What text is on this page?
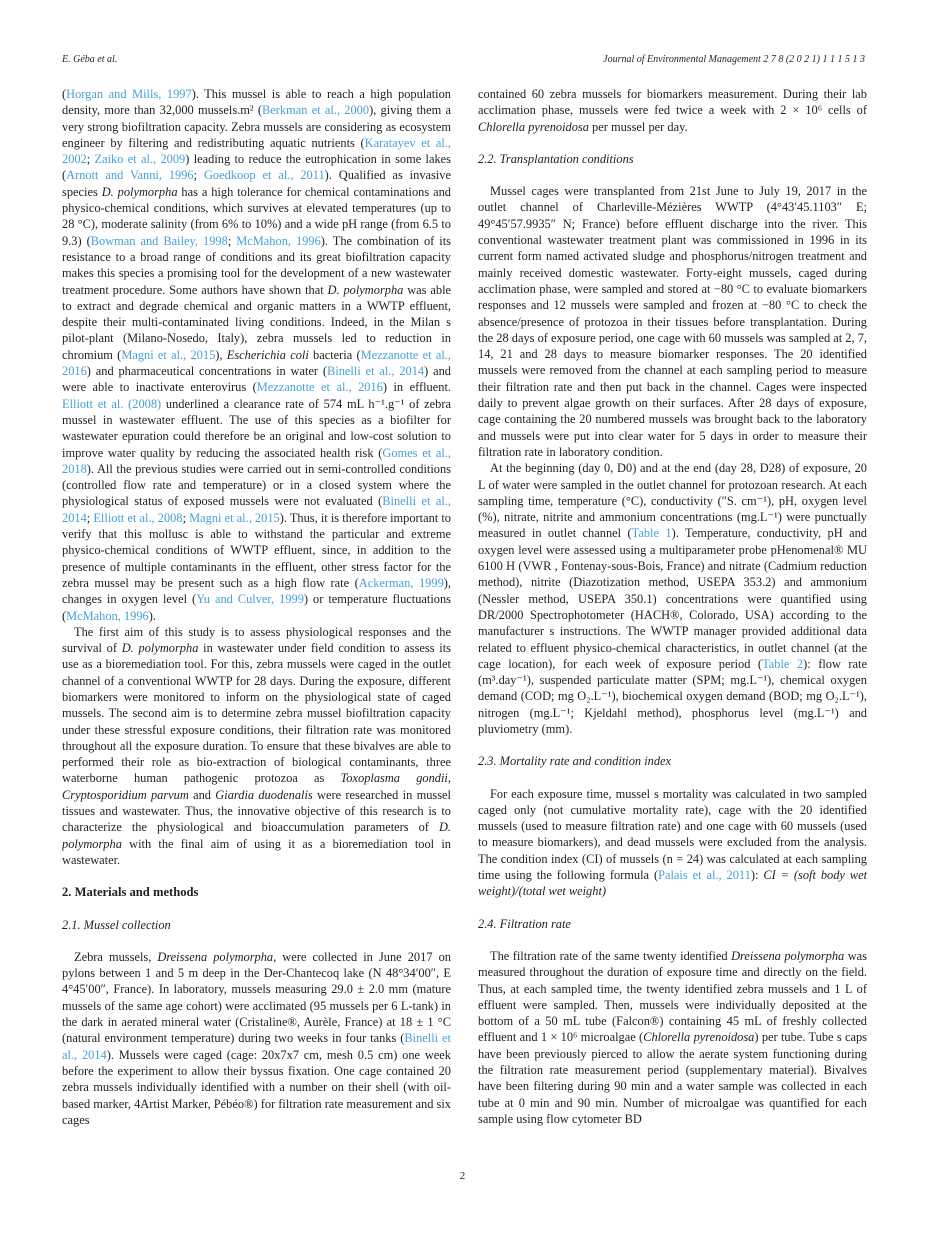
E. Géba et al.	Journal of Environmental Management 2 7 8 (2 0 2 1) 1 1 1 5 1 3

(Horgan and Mills, 1997). This mussel is able to reach a high population density, more than 32,000 mussels.m² (Berkman et al., 2000), giving them a very strong biofiltration capacity. Zebra mussels are considering as ecosystem engineer by filtering and redistributing aquatic nutrients (Karatayev et al., 2002; Zaiko et al., 2009) leading to reduce the eutrophication in some lakes (Arnott and Vanni, 1996; Goedkoop et al., 2011). Qualified as invasive species D. polymorpha has a high tolerance for chemical contaminations and physico-chemical conditions, which survives at elevated temperatures (up to 28 °C), moderate salinity (from 6% to 10%) and a wide pH range (from 6.5 to 9.3) (Bowman and Bailey, 1998; McMahon, 1996). The combination of its resistance to a broad range of conditions and its great biofiltration capacity makes this species a promising tool for the development of a new wastewater treatment procedure. Some authors have shown that D. polymorpha was able to extract and degrade chemical and organic matters in a WWTP effluent, despite their multi-contaminated living conditions. Indeed, in the Milan s pilot-plant (Milano-Nosedo, Italy), zebra mussels led to reduction in chromium (Magni et al., 2015), Escherichia coli bacteria (Mezzanotte et al., 2016) and pharmaceutical concentrations in water (Binelli et al., 2014) and were able to inactivate enterovirus (Mezzanotte et al., 2016) in effluent. Elliott et al. (2008) underlined a clearance rate of 574 mL h⁻¹.g⁻¹ of zebra mussel in wastewater effluent. The use of this species as a biofilter for wastewater epuration could therefore be an original and low-cost solution to improve water quality by reducing the associated health risk (Gomes et al., 2018). All the previous studies were carried out in semi-controlled conditions (controlled flow rate and temperature) or in a closed system where the physiological status of exposed mussels were not evaluated (Binelli et al., 2014; Elliott et al., 2008; Magni et al., 2015). Thus, it is therefore important to verify that this mollusc is able to withstand the particular and extreme physico-chemical conditions of WWTP effluent, since, in addition to the presence of multiple contaminants in the effluent, other stress factor for the zebra mussel may be present such as a high flow rate (Ackerman, 1999), changes in oxygen level (Yu and Culver, 1999) or temperature fluctuations (McMahon, 1996).

The first aim of this study is to assess physiological responses and the survival of D. polymorpha in wastewater under field condition to assess its use as a bioremediation tool. For this, zebra mussels were caged in the outlet channel of a conventional WWTP for 28 days. During the exposure, different biomarkers were monitored to inform on the physiological state of caged mussels. The second aim is to determine zebra mussel biofiltration capacity under these stressful exposure conditions, their filtration rate was monitored throughout all the exposure duration. To ensure that these bivalves are able to performed their role as bio-extraction of biological contaminants, three waterborne human pathogenic protozoa as Toxoplasma gondii, Cryptosporidium parvum and Giardia duodenalis were researched in mussel tissues and wastewater. Thus, the innovative objective of this research is to characterize the physiological and bioaccumulation parameters of D. polymorpha with the final aim of using it as a bioremediation tool in wastewater.

2. Materials and methods
2.1. Mussel collection

Zebra mussels, Dreissena polymorpha, were collected in June 2017 on pylons between 1 and 5 m deep in the Der-Chantecoq lake (N 48°34′00″, E 4°45′00″, France). In laboratory, mussels measuring 29.0 ± 2.0 mm (mature mussels of the same age cohort) were acclimated (95 mussels per 6 L-tank) in the dark in aerated mineral water (Cristaline®, Aurèle, France) at 18 ± 1 °C (natural environment temperature) during two weeks in four tanks (Binelli et al., 2014). Mussels were caged (cage: 20x7x7 cm, mesh 0.5 cm) one week before the experiment to allow their byssus fixation. One cage contained 20 zebra mussels individually identified with a number on their shell (with oil-based marker, 4Artist Marker, Pébéo®) for filtration rate measurement and six cages

contained 60 zebra mussels for biomarkers measurement. During their lab acclimation phase, mussels were fed twice a week with 2 × 10⁶ cells of Chlorella pyrenoidosa per mussel per day.

2.2. Transplantation conditions

Mussel cages were transplanted from 21st June to July 19, 2017 in the outlet channel of Charleville-Mézières WWTP (4°43′45.1103″ E; 49°45′57.9935″ N; France) before effluent discharge into the river. This conventional wastewater treatment plant was commissioned in 1996 in its current form named activated sludge and phosphorus/nitrogen treatment and mainly received domestic wastewater. Forty-eight mussels, caged during acclimation phase, were sampled and stored at −80 °C to evaluate biomarkers responses and 12 mussels were sampled and frozen at −80 °C to check the absence/presence of protozoa in their tissues before transplantation. During the 28 days of exposure period, one cage with 60 mussels was sampled at 2, 7, 14, 21 and 28 days to measure biomarker responses. The 20 identified mussels were removed from the channel at each sampling period to measure their filtration rate and then put back in the channel. Cages were inspected daily to prevent algae growth on their surfaces. After 28 days of exposure, cage containing the 20 numbered mussels was brought back to the laboratory and mussels were put into clear water for 5 days in order to measure their filtration rate in laboratory condition.

At the beginning (day 0, D0) and at the end (day 28, D28) of exposure, 20 L of water were sampled in the outlet channel for protozoan research. At each sampling time, temperature (°C), conductivity (″S. cm⁻¹), pH, oxygen level (%), nitrate, nitrite and ammonium concentrations (mg.L⁻¹) were punctually measured in outlet channel (Table 1). Temperature, conductivity, pH and oxygen level were assessed using a multiparameter probe pHenomenal® MU 6100 H (VWR , Fontenay-sous-Bois, France) and nitrate (Cadmium reduction method), nitrite (Diazotization method, USEPA 353.2) and ammonium (Nessler method, USEPA 350.1) concentrations were quantified using DR/2000 Spectrophotometer (HACH®, Colorado, USA) according to the manufacturer s instructions. The WWTP manager provided additional data related to effluent physico-chemical characteristics, in outlet channel (at the cage location), for each week of exposure period (Table 2): flow rate (m³.day⁻¹), suspended particulate matter (SPM; mg.L⁻¹), chemical oxygen demand (COD; mg O₂.L⁻¹), biochemical oxygen demand (BOD; mg O₂.L⁻¹), nitrogen (mg.L⁻¹; Kjeldahl method), phosphorus level (mg.L⁻¹) and pluviometry (mm).

2.3. Mortality rate and condition index

For each exposure time, mussel s mortality was calculated in two sampled caged only (not cumulative mortality rate), cage with the 20 identified mussels (used to measure filtration rate) and one cage with 60 mussels (used to measure biomarkers), and dead mussels were excluded from the analysis. The condition index (CI) of mussels (n = 24) was calculated at each sampling time using the following formula (Palais et al., 2011): CI = (soft body wet weight)/(total wet weight)

2.4. Filtration rate

The filtration rate of the same twenty identified Dreissena polymorpha was measured throughout the duration of exposure time and directly on the field. Thus, at each sampled time, the twenty identified zebra mussels and 1 L of effluent were sampled. Then, mussels were individually deposited at the bottom of a 50 mL tube (Falcon®) containing 45 mL of freshly collected effluent and 1 × 10⁶ microalgae (Chlorella pyrenoidosa) per tube. Tube s caps have been previously pierced to allow the aerate system functioning during the filtration rate measurement period (supplementary material). Bivalves have been filtering during 90 min and a water sample was collected in each tube at 0 min and 90 min. Number of microalgae was quantified for each sample using flow cytometer BD

2
